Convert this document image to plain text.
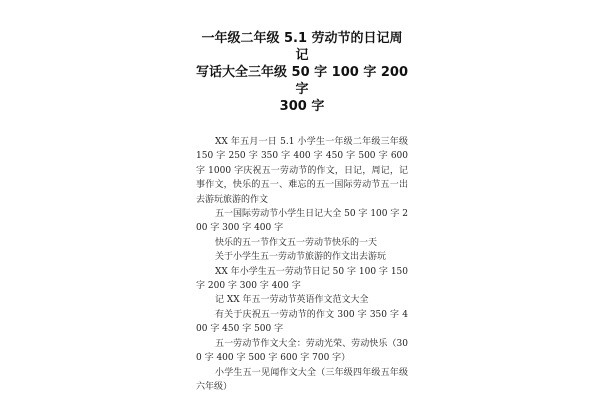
一年级二年级 5.1 劳动节的日记周记
写话大全三年级 50 字 100 字 200 字
300 字

XX 年五月一日 5.1 小学生一年级二年级三年级 150 字 250 字 350 字 400 字 450 字 500 字 600 字 1000 字庆祝五一劳动节的作文，日记，周记，记事作文，快乐的五一、难忘的五一国际劳动节五一出去游玩旅游的作文

五一国际劳动节小学生日记大全 50 字 100 字 200 字 300 字 400 字

快乐的五一节作文五一劳动节快乐的一天

关于小学生五一劳动节旅游的作文出去游玩

XX 年小学生五一劳动节日记 50 字 100 字 150 字 200 字 300 字 400 字

记 XX 年五一劳动节英语作文范文大全

有关于庆祝五一劳动节的作文 300 字 350 字 400 字 450 字 500 字

五一劳动节作文大全：劳动光荣、劳动快乐（300 字 400 字 500 字 600 字 700 字）

小学生五一见闻作文大全（三年级四年级五年级六年级）
